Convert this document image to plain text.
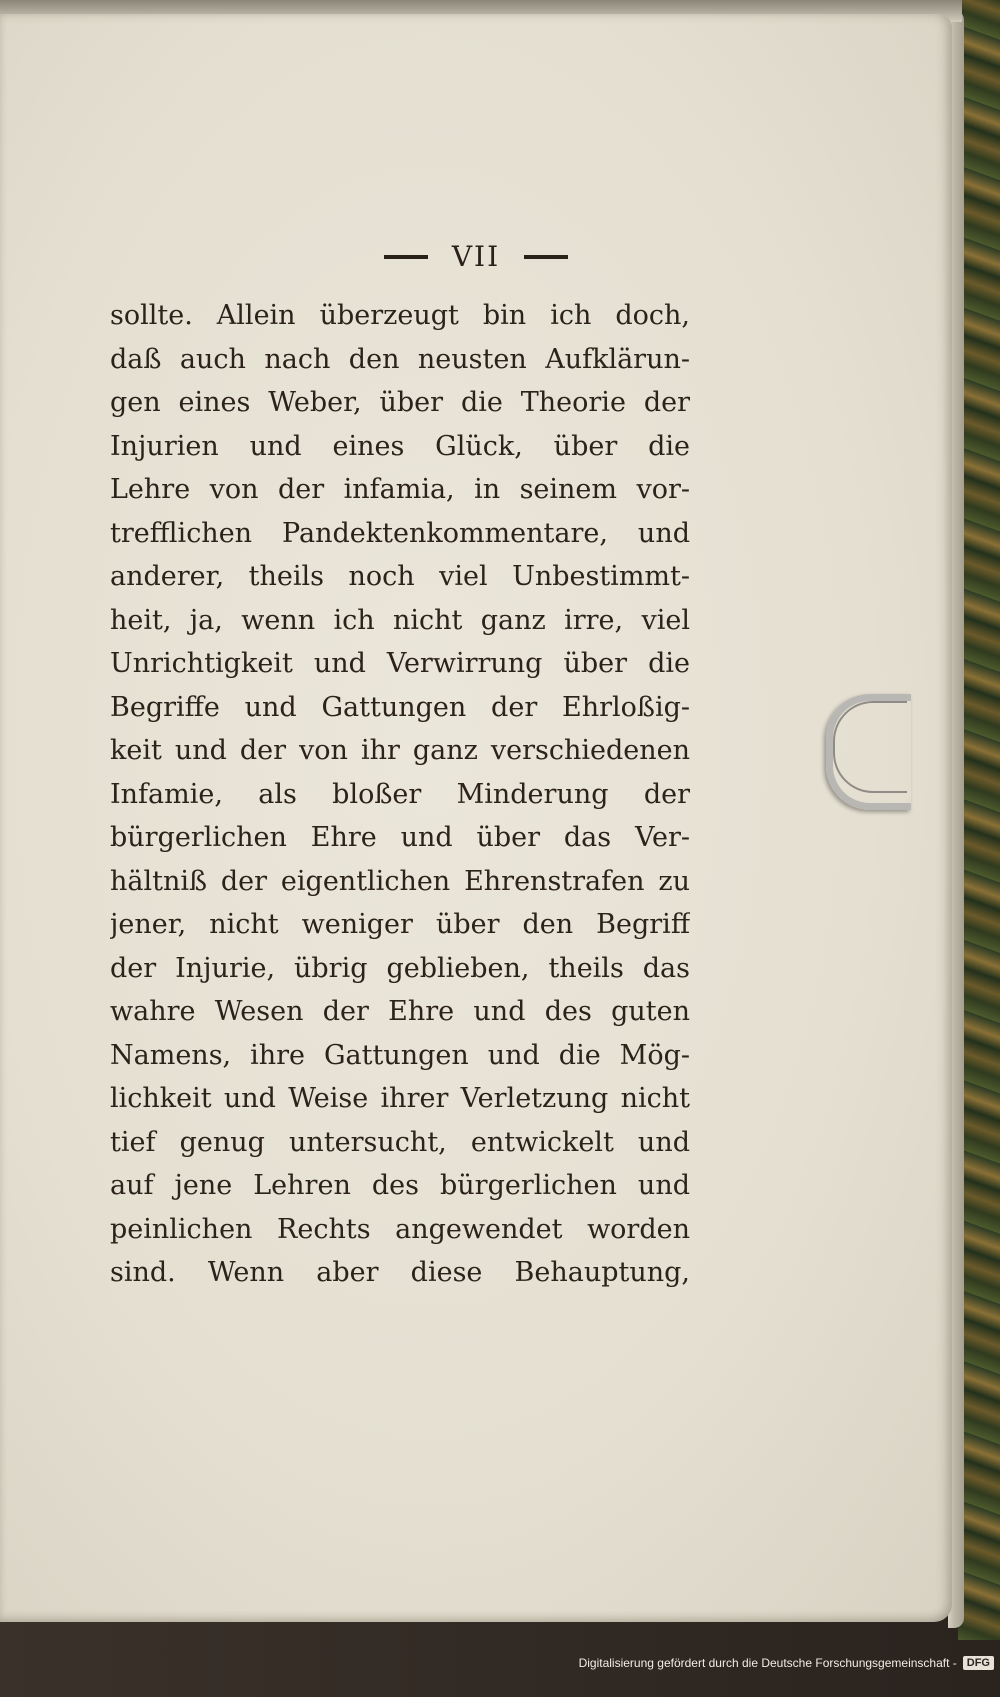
VII
sollte. Allein überzeugt bin ich doch,
daß auch nach den neusten Aufklärun-
gen eines Weber, über die Theorie der
Injurien und eines Glück, über die
Lehre von der infamia, in seinem vor-
trefflichen Pandektenkommentare, und
anderer, theils noch viel Unbestimmt-
heit, ja, wenn ich nicht ganz irre, viel
Unrichtigkeit und Verwirrung über die
Begriffe und Gattungen der Ehrloßig-
keit und der von ihr ganz verschiedenen
Infamie, als bloßer Minderung der
bürgerlichen Ehre und über das Ver-
hältniß der eigentlichen Ehrenstrafen zu
jener, nicht weniger über den Begriff
der Injurie, übrig geblieben, theils das
wahre Wesen der Ehre und des guten
Namens, ihre Gattungen und die Mög-
lichkeit und Weise ihrer Verletzung nicht
tief genug untersucht, entwickelt und
auf jene Lehren des bürgerlichen und
peinlichen Rechts angewendet worden
sind. Wenn aber diese Behauptung,
Digitalisierung gefördert durch die Deutsche Forschungsgemeinschaft - DFG
